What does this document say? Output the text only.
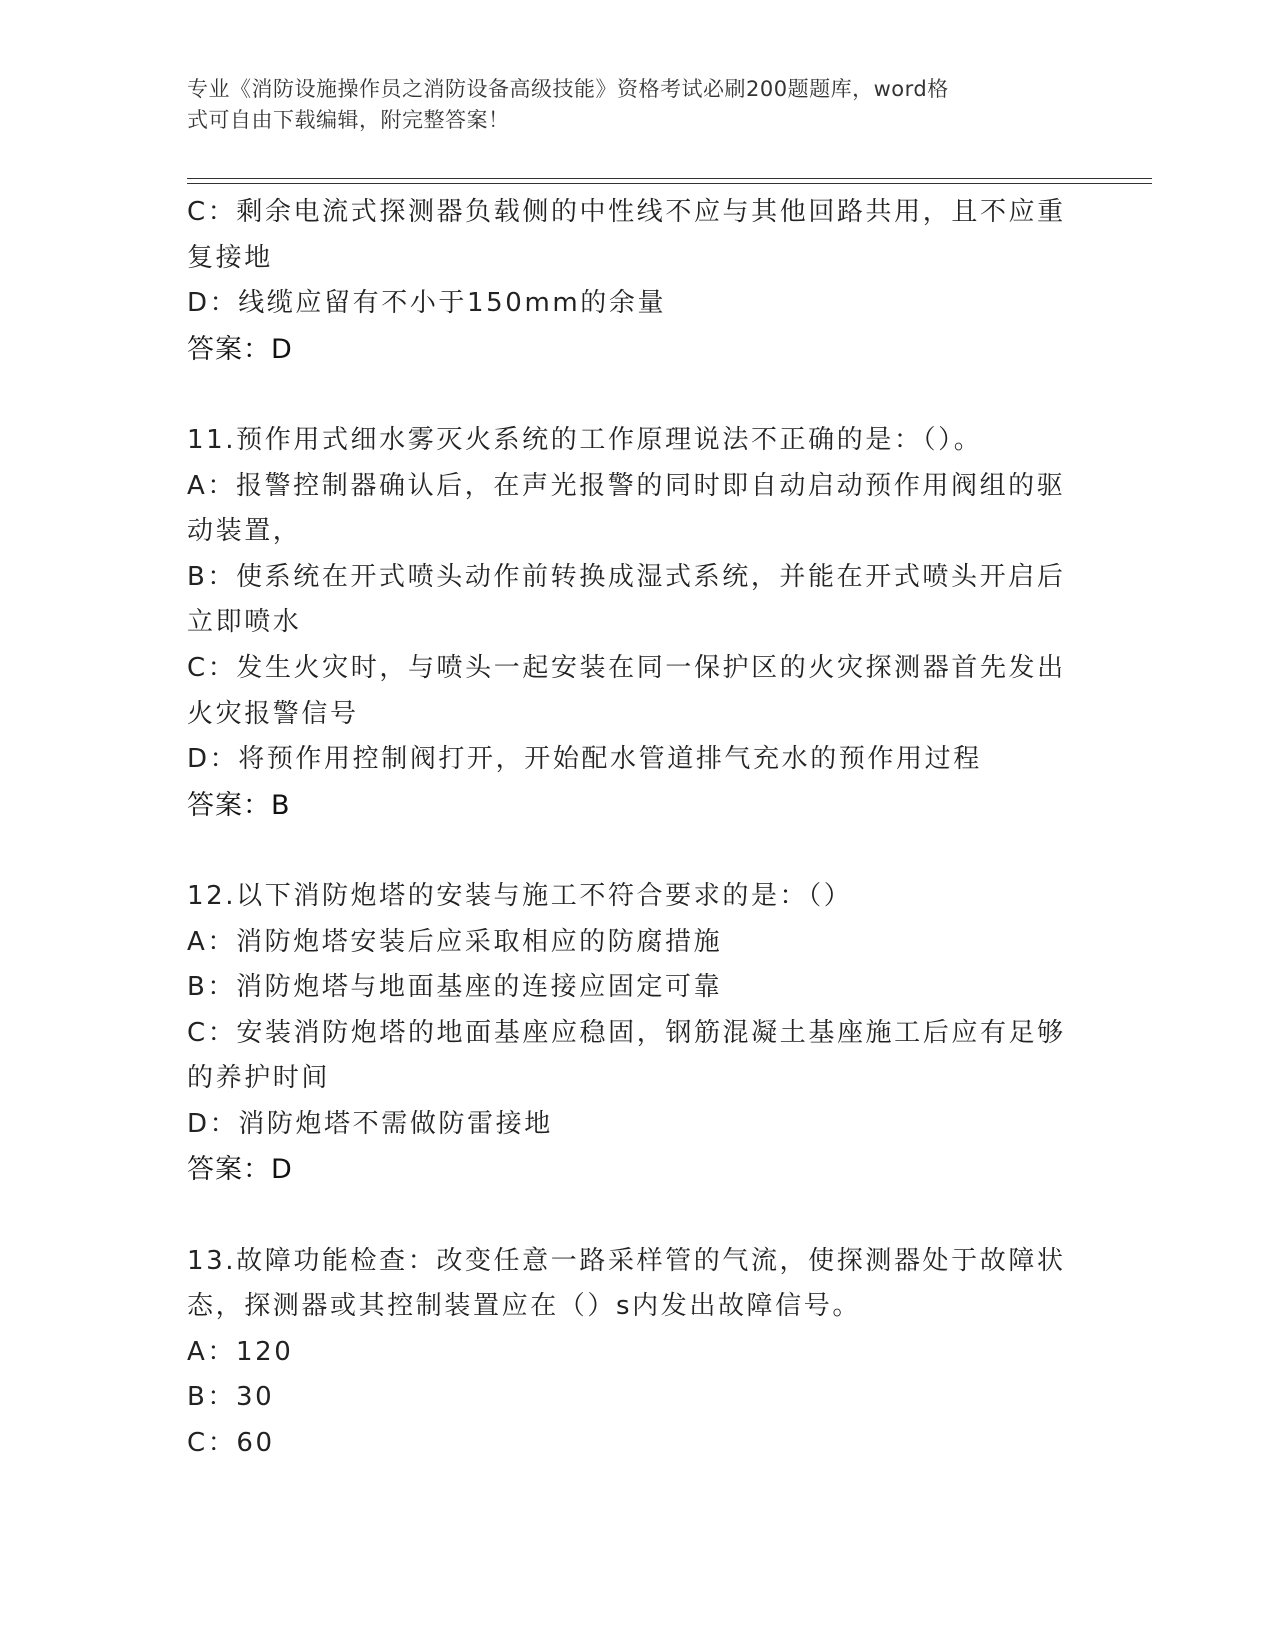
专业《消防设施操作员之消防设备高级技能》资格考试必刷200题题库，word格
式可自由下载编辑，附完整答案！
C：剩余电流式探测器负载侧的中性线不应与其他回路共用，且不应重
复接地
D：线缆应留有不小于150mm的余量
答案：D
11.预作用式细水雾灭火系统的工作原理说法不正确的是：（）。
A：报警控制器确认后，在声光报警的同时即自动启动预作用阀组的驱
动装置，
B：使系统在开式喷头动作前转换成湿式系统，并能在开式喷头开启后
立即喷水
C：发生火灾时，与喷头一起安装在同一保护区的火灾探测器首先发出
火灾报警信号
D：将预作用控制阀打开，开始配水管道排气充水的预作用过程
答案：B
12.以下消防炮塔的安装与施工不符合要求的是：（）
A：消防炮塔安装后应采取相应的防腐措施
B：消防炮塔与地面基座的连接应固定可靠
C：安装消防炮塔的地面基座应稳固，钢筋混凝土基座施工后应有足够
的养护时间
D：消防炮塔不需做防雷接地
答案：D
13.故障功能检查：改变任意一路采样管的气流，使探测器处于故障状
态，探测器或其控制装置应在（）s内发出故障信号。
A：120
B：30
C：60
